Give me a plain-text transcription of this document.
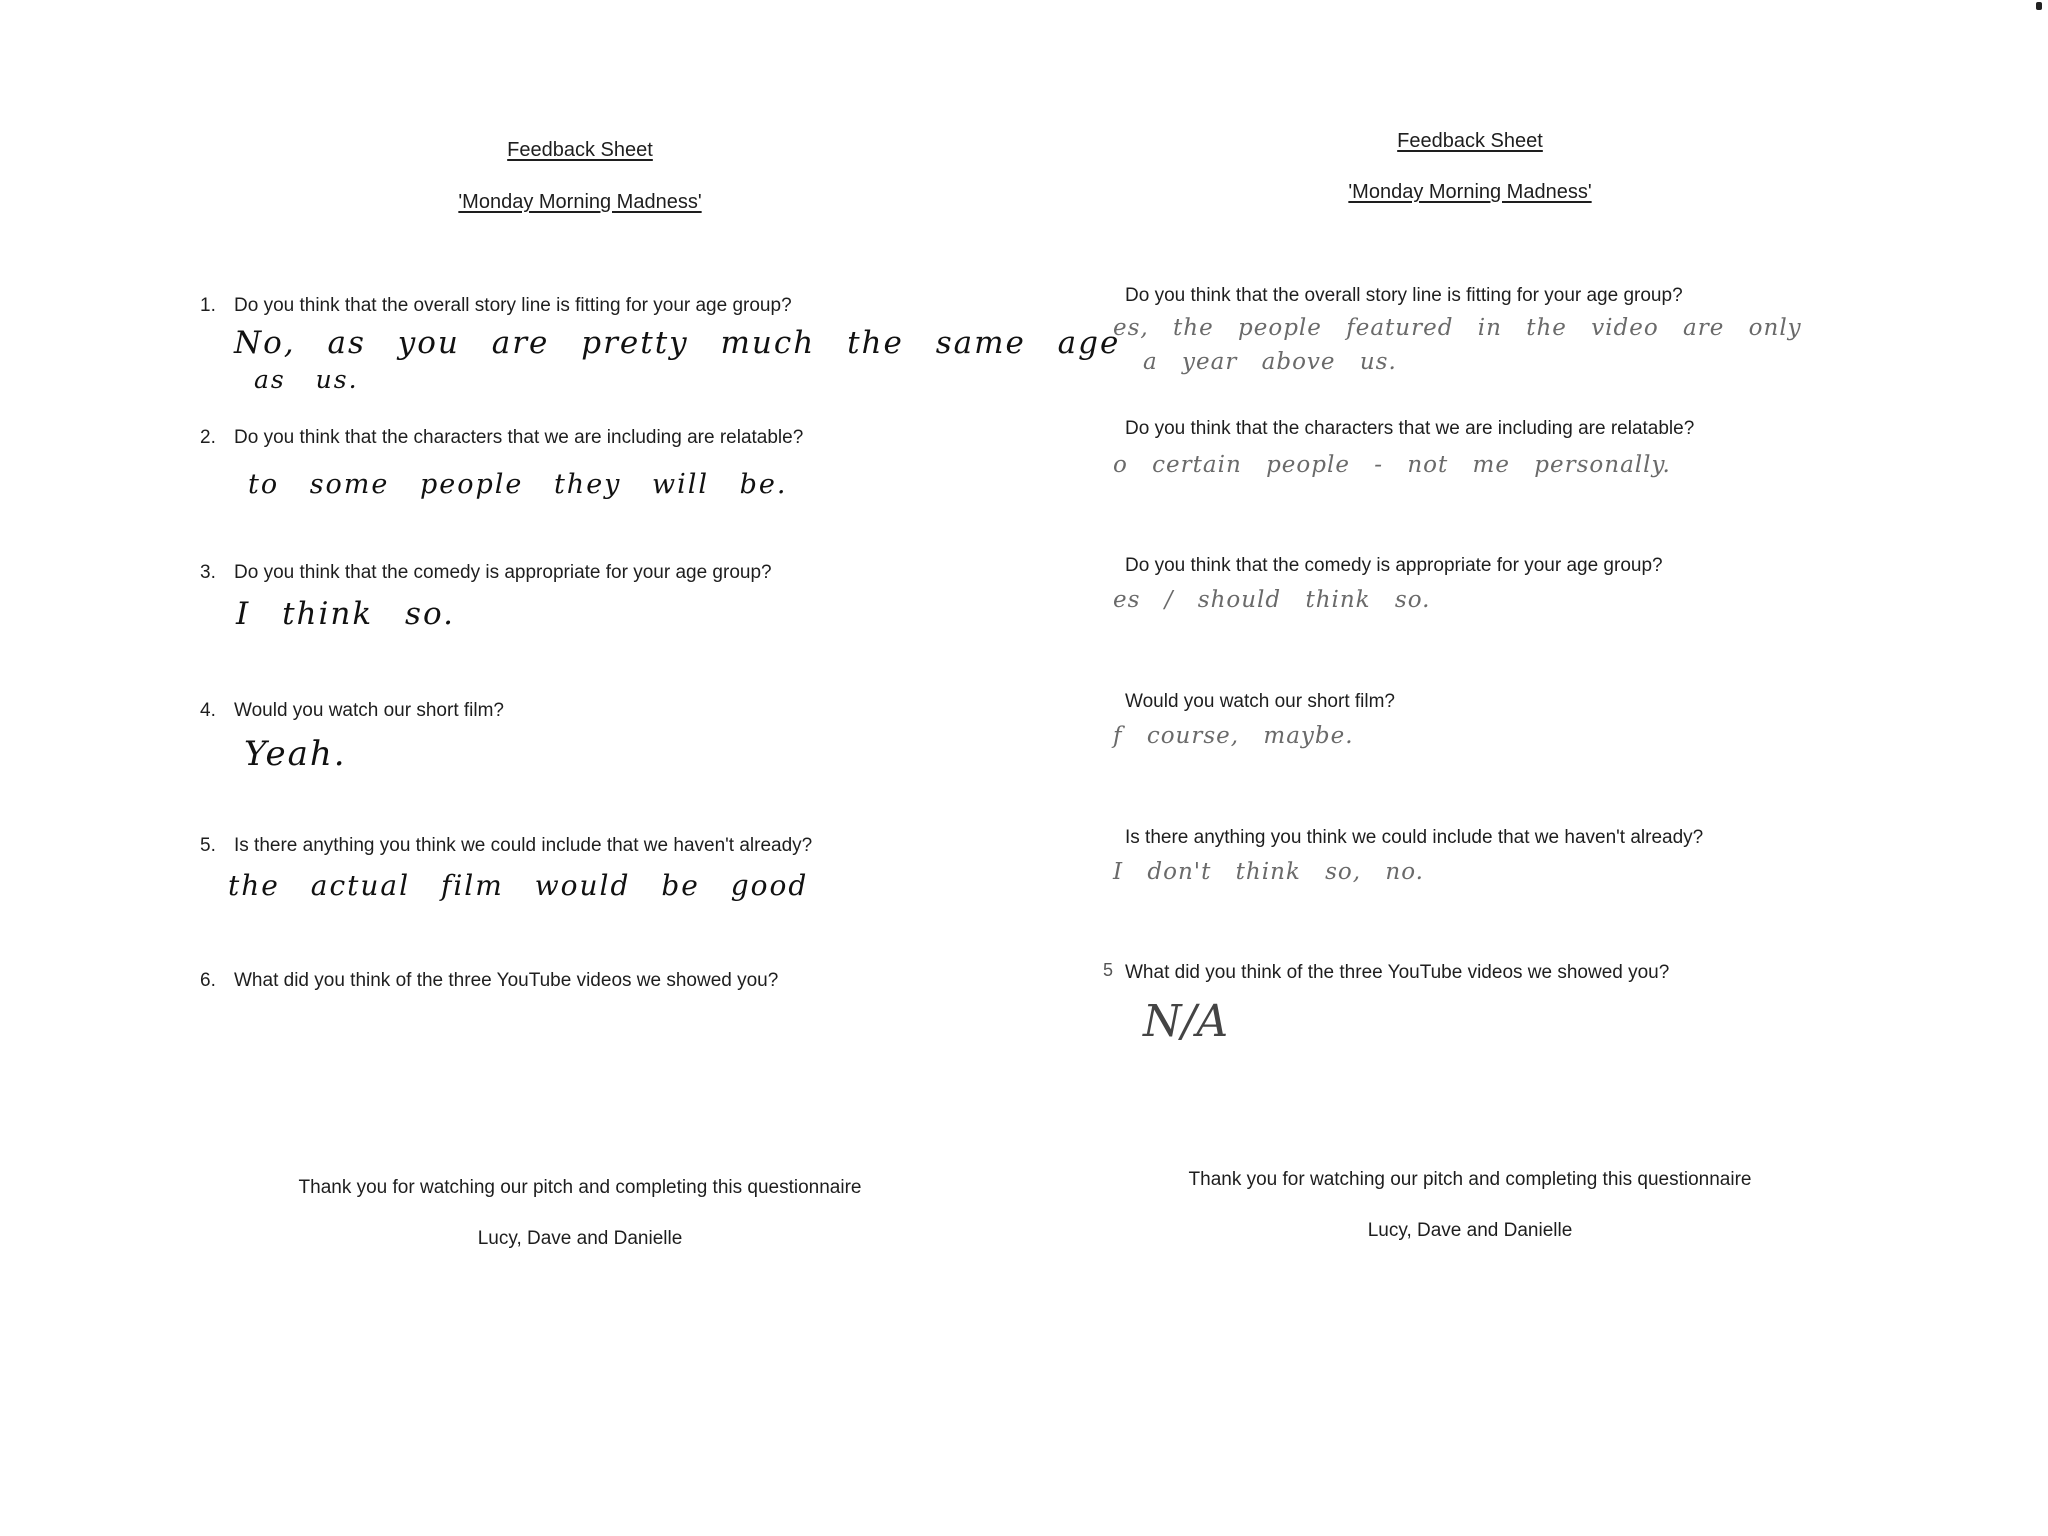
Feedback Sheet
'Monday Morning Madness'
1. Do you think that the overall story line is fitting for your age group?
No, as you are pretty much the same age
as us.
2. Do you think that the characters that we are including are relatable?
to some people they will be.
3. Do you think that the comedy is appropriate for your age group?
I think so.
4. Would you watch our short film?
Yeah.
5. Is there anything you think we could include that we haven't already?
the actual film would be good
6. What did you think of the three YouTube videos we showed you?
Thank you for watching our pitch and completing this questionnaire
Lucy, Dave and Danielle
Feedback Sheet
'Monday Morning Madness'
Do you think that the overall story line is fitting for your age group?
es, the people featured in the video are only
a year above us.
Do you think that the characters that we are including are relatable?
o certain people - not me personally.
Do you think that the comedy is appropriate for your age group?
es / should think so.
Would you watch our short film?
f course, maybe.
Is there anything you think we could include that we haven't already?
I don't think so, no.
5 What did you think of the three YouTube videos we showed you?
N/A
Thank you for watching our pitch and completing this questionnaire
Lucy, Dave and Danielle
